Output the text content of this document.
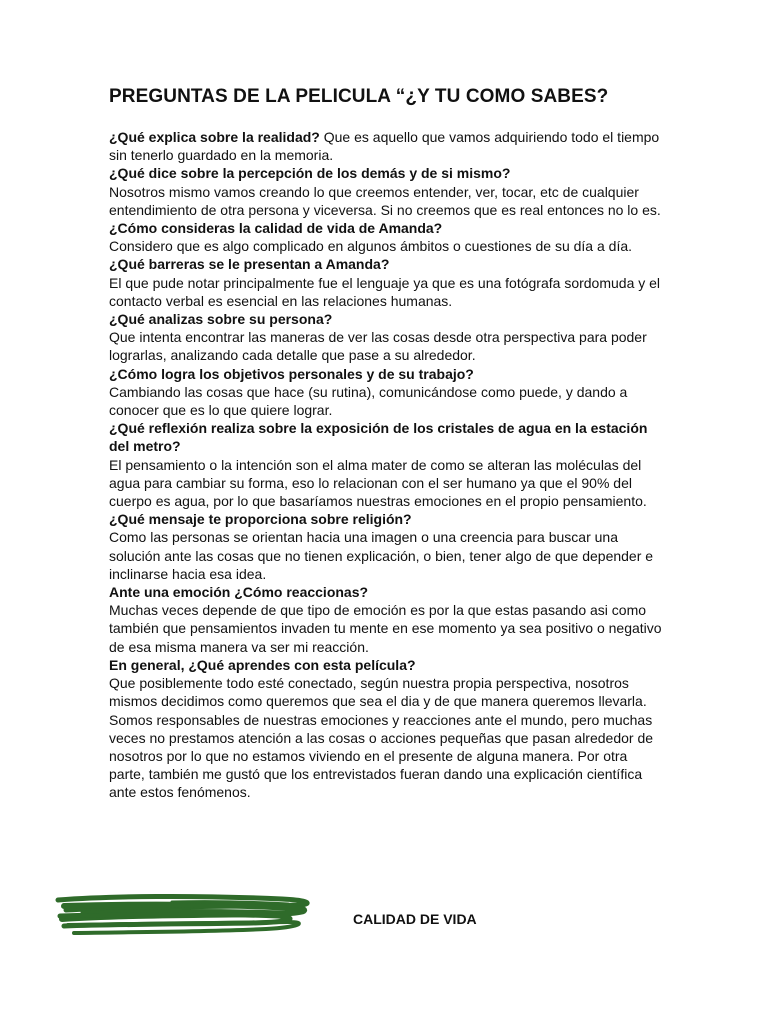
PREGUNTAS DE LA PELICULA “¿Y TU COMO SABES?

¿Qué explica sobre la realidad? Que es aquello que vamos adquiriendo todo el tiempo sin tenerlo guardado en la memoria.

¿Qué dice sobre la percepción de los demás y de si mismo?

Nosotros mismo vamos creando lo que creemos entender, ver, tocar, etc de cualquier entendimiento de otra persona y viceversa. Si no creemos que es real entonces no lo es.

¿Cómo consideras la calidad de vida de Amanda?

Considero que es algo complicado en algunos ámbitos o cuestiones de su día a día.

¿Qué barreras se le presentan a Amanda?

El que pude notar principalmente fue el lenguaje ya que es una fotógrafa sordomuda y el contacto verbal es esencial en las relaciones humanas.

¿Qué analizas sobre su persona?

Que intenta encontrar las maneras de ver las cosas desde otra perspectiva para poder lograrlas, analizando cada detalle que pase a su alrededor.

¿Cómo logra los objetivos personales y de su trabajo?

Cambiando las cosas que hace (su rutina), comunicándose como puede, y dando a conocer que es lo que quiere lograr.

¿Qué reflexión realiza sobre la exposición de los cristales de agua en la estación del metro?

El pensamiento o la intención son el alma mater de como se alteran las moléculas del agua para cambiar su forma, eso lo relacionan con el ser humano ya que el 90% del cuerpo es agua, por lo que basaríamos nuestras emociones en el propio pensamiento.

¿Qué mensaje te proporciona sobre religión?

Como las personas se orientan hacia una imagen o una creencia para buscar una solución ante las cosas que no tienen explicación, o bien, tener algo de que depender e inclinarse hacia esa idea.

Ante una emoción ¿Cómo reaccionas?

Muchas veces depende de que tipo de emoción es por la que estas pasando asi como también que pensamientos invaden tu mente en ese momento ya sea positivo o negativo de esa misma manera va ser mi reacción.

En general, ¿Qué aprendes con esta película?

Que posiblemente todo esté conectado, según nuestra propia perspectiva, nosotros mismos decidimos como queremos que sea el dia y de que manera queremos llevarla. Somos responsables de nuestras emociones y reacciones ante el mundo, pero muchas veces no prestamos atención a las cosas o acciones pequeñas que pasan alrededor de nosotros por lo que no estamos viviendo en el presente de alguna manera. Por otra parte, también me gustó que los entrevistados fueran dando una explicación científica ante estos fenómenos.

CALIDAD DE VIDA
